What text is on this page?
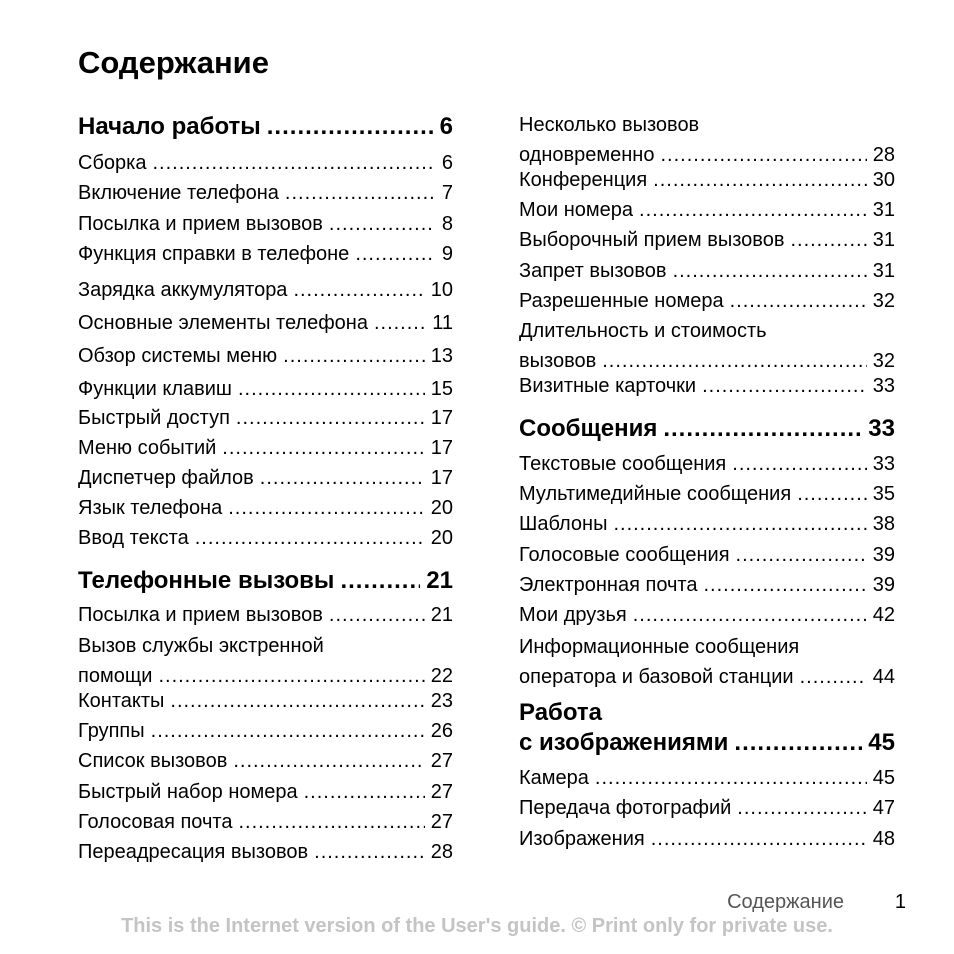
Содержание
Начало работы .....	6
Сборка .....	6
Включение телефона .....	7
Посылка и прием вызовов .....	8
Функция справки в телефоне .....	9
Зарядка аккумулятора .....	10
Основные элементы телефона .....	11
Обзор системы меню .....	13
Функции клавиш .....	15
Быстрый доступ .....	17
Меню событий .....	17
Диспетчер файлов .....	17
Язык телефона .....	20
Ввод текста .....	20
Телефонные вызовы .....	21
Посылка и прием вызовов .....	21
Вызов службы экстренной
помощи .....	22
Контакты .....	23
Группы .....	26
Список вызовов .....	27
Быстрый набор номера .....	27
Голосовая почта .....	27
Переадресация вызовов .....	28
Несколько вызовов
одновременно .....	28
Конференция .....	30
Мои номера .....	31
Выборочный прием вызовов .....	31
Запрет вызовов .....	31
Разрешенные номера .....	32
Длительность и стоимость
вызовов .....	32
Визитные карточки .....	33
Сообщения .....	33
Текстовые сообщения .....	33
Мультимедийные сообщения .....	35
Шаблоны .....	38
Голосовые сообщения .....	39
Электронная почта .....	39
Мои друзья .....	42
Информационные сообщения
оператора и базовой станции .....	44
Работа
с изображениями .....	45
Камера .....	45
Передача фотографий .....	47
Изображения .....	48
Содержание	1
This is the Internet version of the User's guide. © Print only for private use.
